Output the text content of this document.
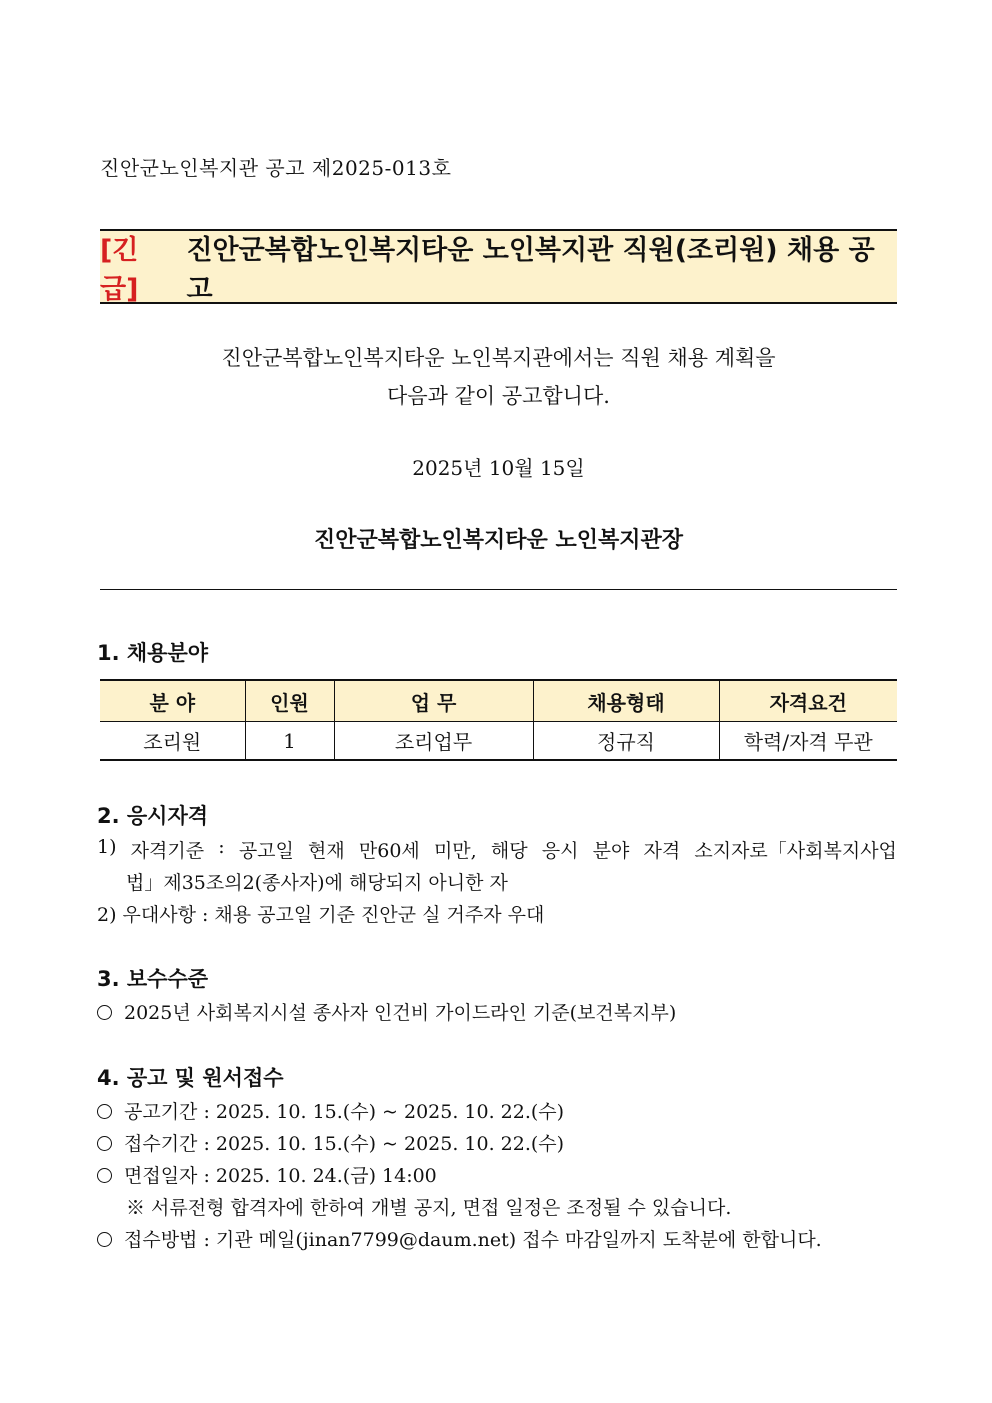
진안군노인복지관 공고 제2025-013호
[긴급]
진안군복합노인복지타운 노인복지관 직원(조리원) 채용 공고
진안군복합노인복지타운 노인복지관에서는 직원 채용 계획을
다음과 같이 공고합니다.
2025년 10월 15일
진안군복합노인복지타운 노인복지관장
1. 채용분야
분 야	인원	업 무	채용형태	자격요건
조리원	1	조리업무	정규직	학력/자격 무관
2. 응시자격
1) 자격기준 : 공고일 현재 만60세 미만, 해당 응시 분야 자격 소지자로「사회복지사업
법」제35조의2(종사자)에 해당되지 아니한 자
2) 우대사항 : 채용 공고일 기준 진안군 실 거주자 우대
3. 보수수준
2025년 사회복지시설 종사자 인건비 가이드라인 기준(보건복지부)
4. 공고 및 원서접수
공고기간 : 2025. 10. 15.(수) ~ 2025. 10. 22.(수)
접수기간 : 2025. 10. 15.(수) ~ 2025. 10. 22.(수)
면접일자 : 2025. 10. 24.(금) 14:00
※ 서류전형 합격자에 한하여 개별 공지, 면접 일정은 조정될 수 있습니다.
접수방법 : 기관 메일(jinan7799@daum.net) 접수 마감일까지 도착분에 한합니다.
